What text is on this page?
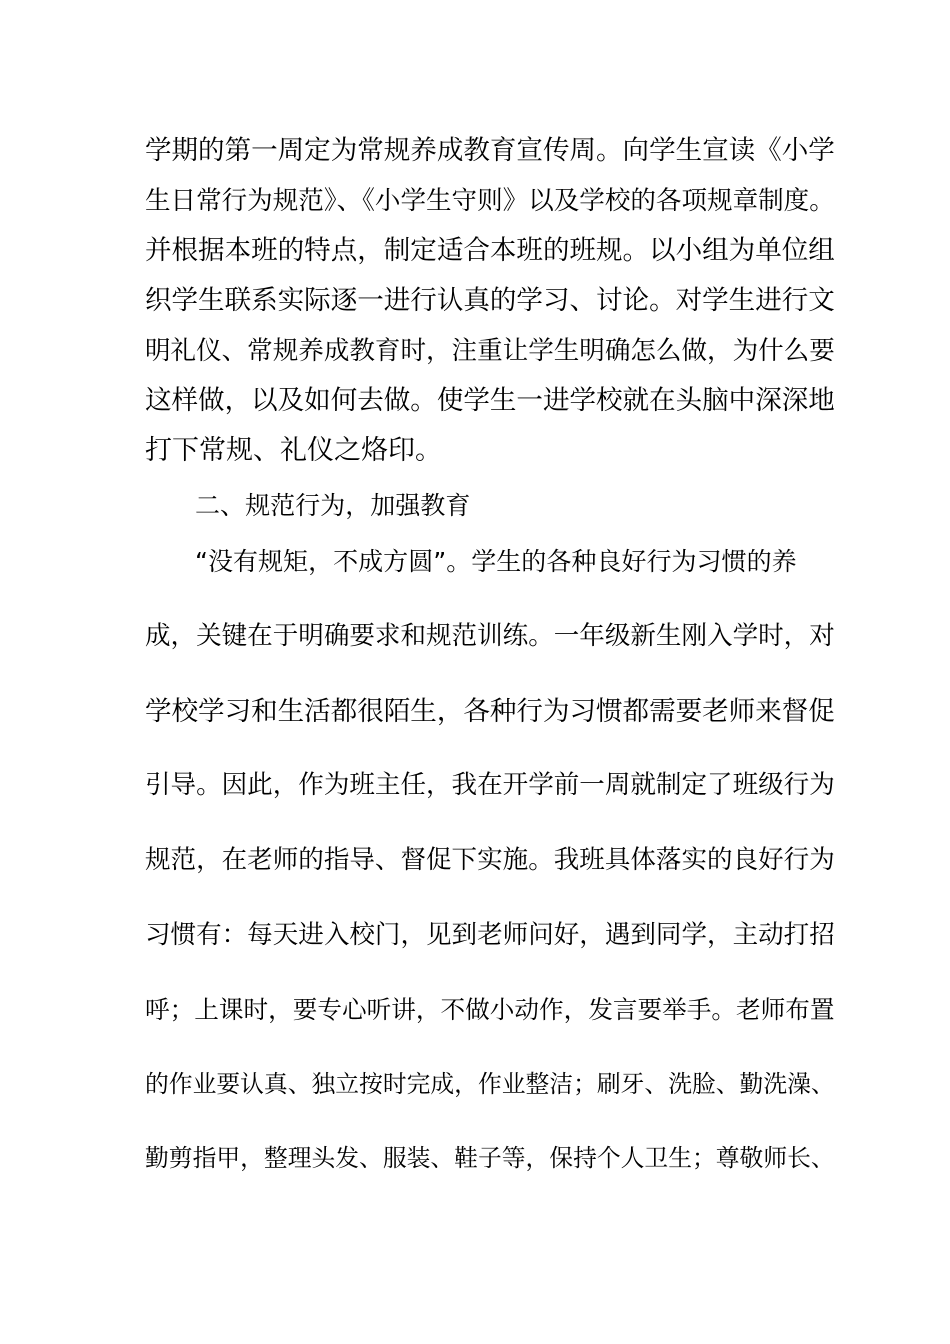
学期的第一周定为常规养成教育宣传周。向学生宣读《小学
生日常行为规范》、《小学生守则》以及学校的各项规章制度。
并根据本班的特点，制定适合本班的班规。以小组为单位组
织学生联系实际逐一进行认真的学习、讨论。对学生进行文
明礼仪、常规养成教育时，注重让学生明确怎么做，为什么要
这样做，以及如何去做。使学生一进学校就在头脑中深深地
打下常规、礼仪之烙印。
二、规范行为，加强教育
“没有规矩，不成方圆”。学生的各种良好行为习惯的养
成，关键在于明确要求和规范训练。一年级新生刚入学时，对
学校学习和生活都很陌生，各种行为习惯都需要老师来督促
引导。因此，作为班主任，我在开学前一周就制定了班级行为
规范，在老师的指导、督促下实施。我班具体落实的良好行为
习惯有：每天进入校门，见到老师问好，遇到同学，主动打招
呼；上课时，要专心听讲，不做小动作，发言要举手。老师布置
的作业要认真、独立按时完成，作业整洁；刷牙、洗脸、勤洗澡、
勤剪指甲，整理头发、服装、鞋子等，保持个人卫生；尊敬师长、
